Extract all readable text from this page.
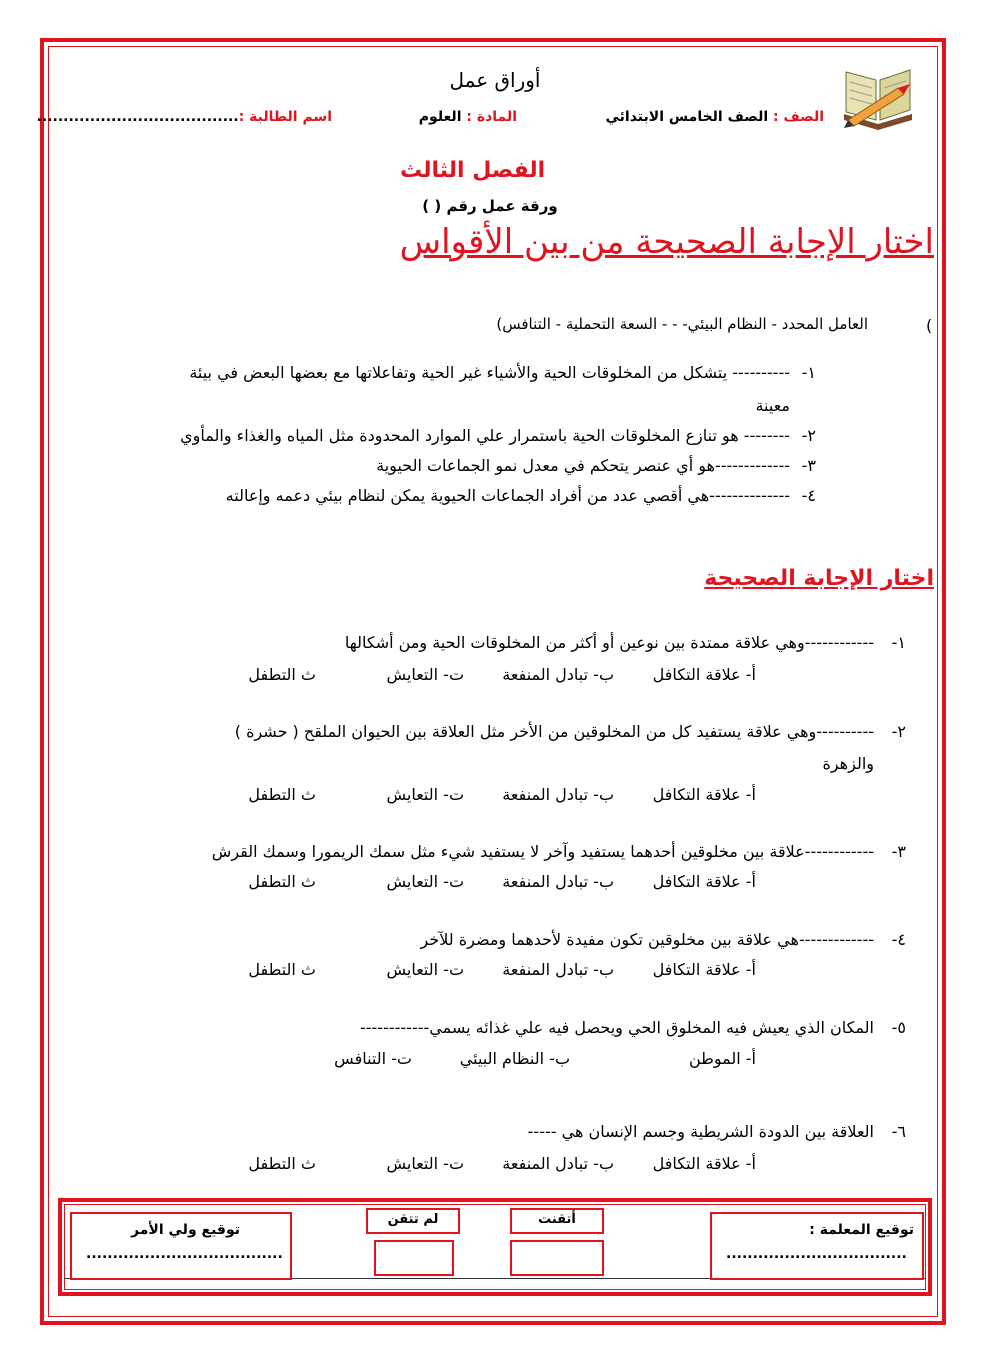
أوراق عمل
الصف : الصف الخامس الابتدائي
المادة : العلوم
اسم الطالبة :......................................
الفصل الثالث
ورقة عمل رقم ( )
اختار الإجابة الصحيحة من بين الأقواس
(
العامل المحدد - النظام البيئي- - - السعة التحملية - التنافس)
١-
---------- يتشكل من المخلوقات الحية والأشياء غير الحية وتفاعلاتها مع بعضها البعض في بيئة
معينة
٢-
-------- هو تنازع المخلوقات الحية باستمرار علي الموارد المحدودة مثل المياه والغذاء والمأوي
٣-
-------------هو أي عنصر يتحكم في معدل نمو الجماعات الحيوية
٤-
--------------هي أقصي عدد من أفراد الجماعات الحيوية يمكن لنظام بيئي دعمه وإعالته
اختار الإجابة الصحيحة
١-
------------وهي علاقة ممتدة بين نوعين أو أكثر من المخلوقات الحية ومن أشكالها
أ- علاقة التكافل
ب- تبادل المنفعة
ت- التعايش
ث التطفل
٢-
----------وهي علاقة يستفيد كل من المخلوقين من الأخر مثل العلاقة بين الحيوان الملقح ( حشرة )
والزهرة
أ- علاقة التكافل
ب- تبادل المنفعة
ت- التعايش
ث التطفل
٣-
------------علاقة بين مخلوقين أحدهما يستفيد وآخر لا يستفيد شيء مثل سمك الريمورا وسمك القرش
أ- علاقة التكافل
ب- تبادل المنفعة
ت- التعايش
ث التطفل
٤-
-------------هي علاقة بين مخلوقين تكون مفيدة لأحدهما ومضرة للآخر
أ- علاقة التكافل
ب- تبادل المنفعة
ت- التعايش
ث التطفل
٥-
المكان الذي يعيش فيه المخلوق الحي ويحصل فيه علي غذائه يسمي------------
أ- الموطن
ب- النظام البيئي
ت- التنافس
٦-
العلاقة بين الدودة الشريطية وجسم الإنسان هي -----
أ- علاقة التكافل
ب- تبادل المنفعة
ت- التعايش
ث التطفل
توقيع المعلمة :
..................................
أتقنت
لم تتقن
توقيع ولي الأمر
.....................................
